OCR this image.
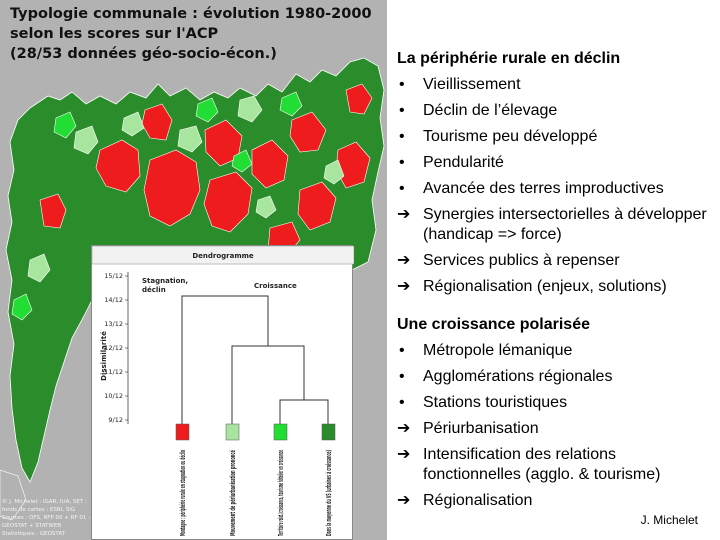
Typologie communale : évolution 1980-2000
selon les scores sur l'ACP
(28/53 données géo-socio-écon.)
© J. Michelet : IGAR, IUA, SET : fonds de cartes : ESRI, SIG
Sources : OFS, RFP 00 + RF 01 - GEOSTAT + STATWEB
Statistiques : GEOSTAT
Dendrogramme
Dissimilarité
15/12
14/12
13/12
12/12
11/12
10/12
9/12
Stagnation,
déclin	Croissance
Mouvement de périurbanisation prononcé	Territoire relat./croissance, tourisme hôtelier en croissance	Dans la moyenne du VS (urbaines à croissance)
La périphérie rurale en déclin
•	Vieillissement
•	Déclin de l’élevage
•	Tourisme peu développé
•	Pendularité
•	Avancée des terres improductives
➔ Synergies intersectorielles à développer (handicap => force)
➔ Services publics à repenser
➔ Régionalisation (enjeux, solutions)
Une croissance polarisée
•	Métropole lémanique
•	Agglomérations régionales
•	Stations touristiques
➔ Périurbanisation
➔ Intensification des relations fonctionnelles (agglo. & tourisme)
➔ Régionalisation
J. Michelet
